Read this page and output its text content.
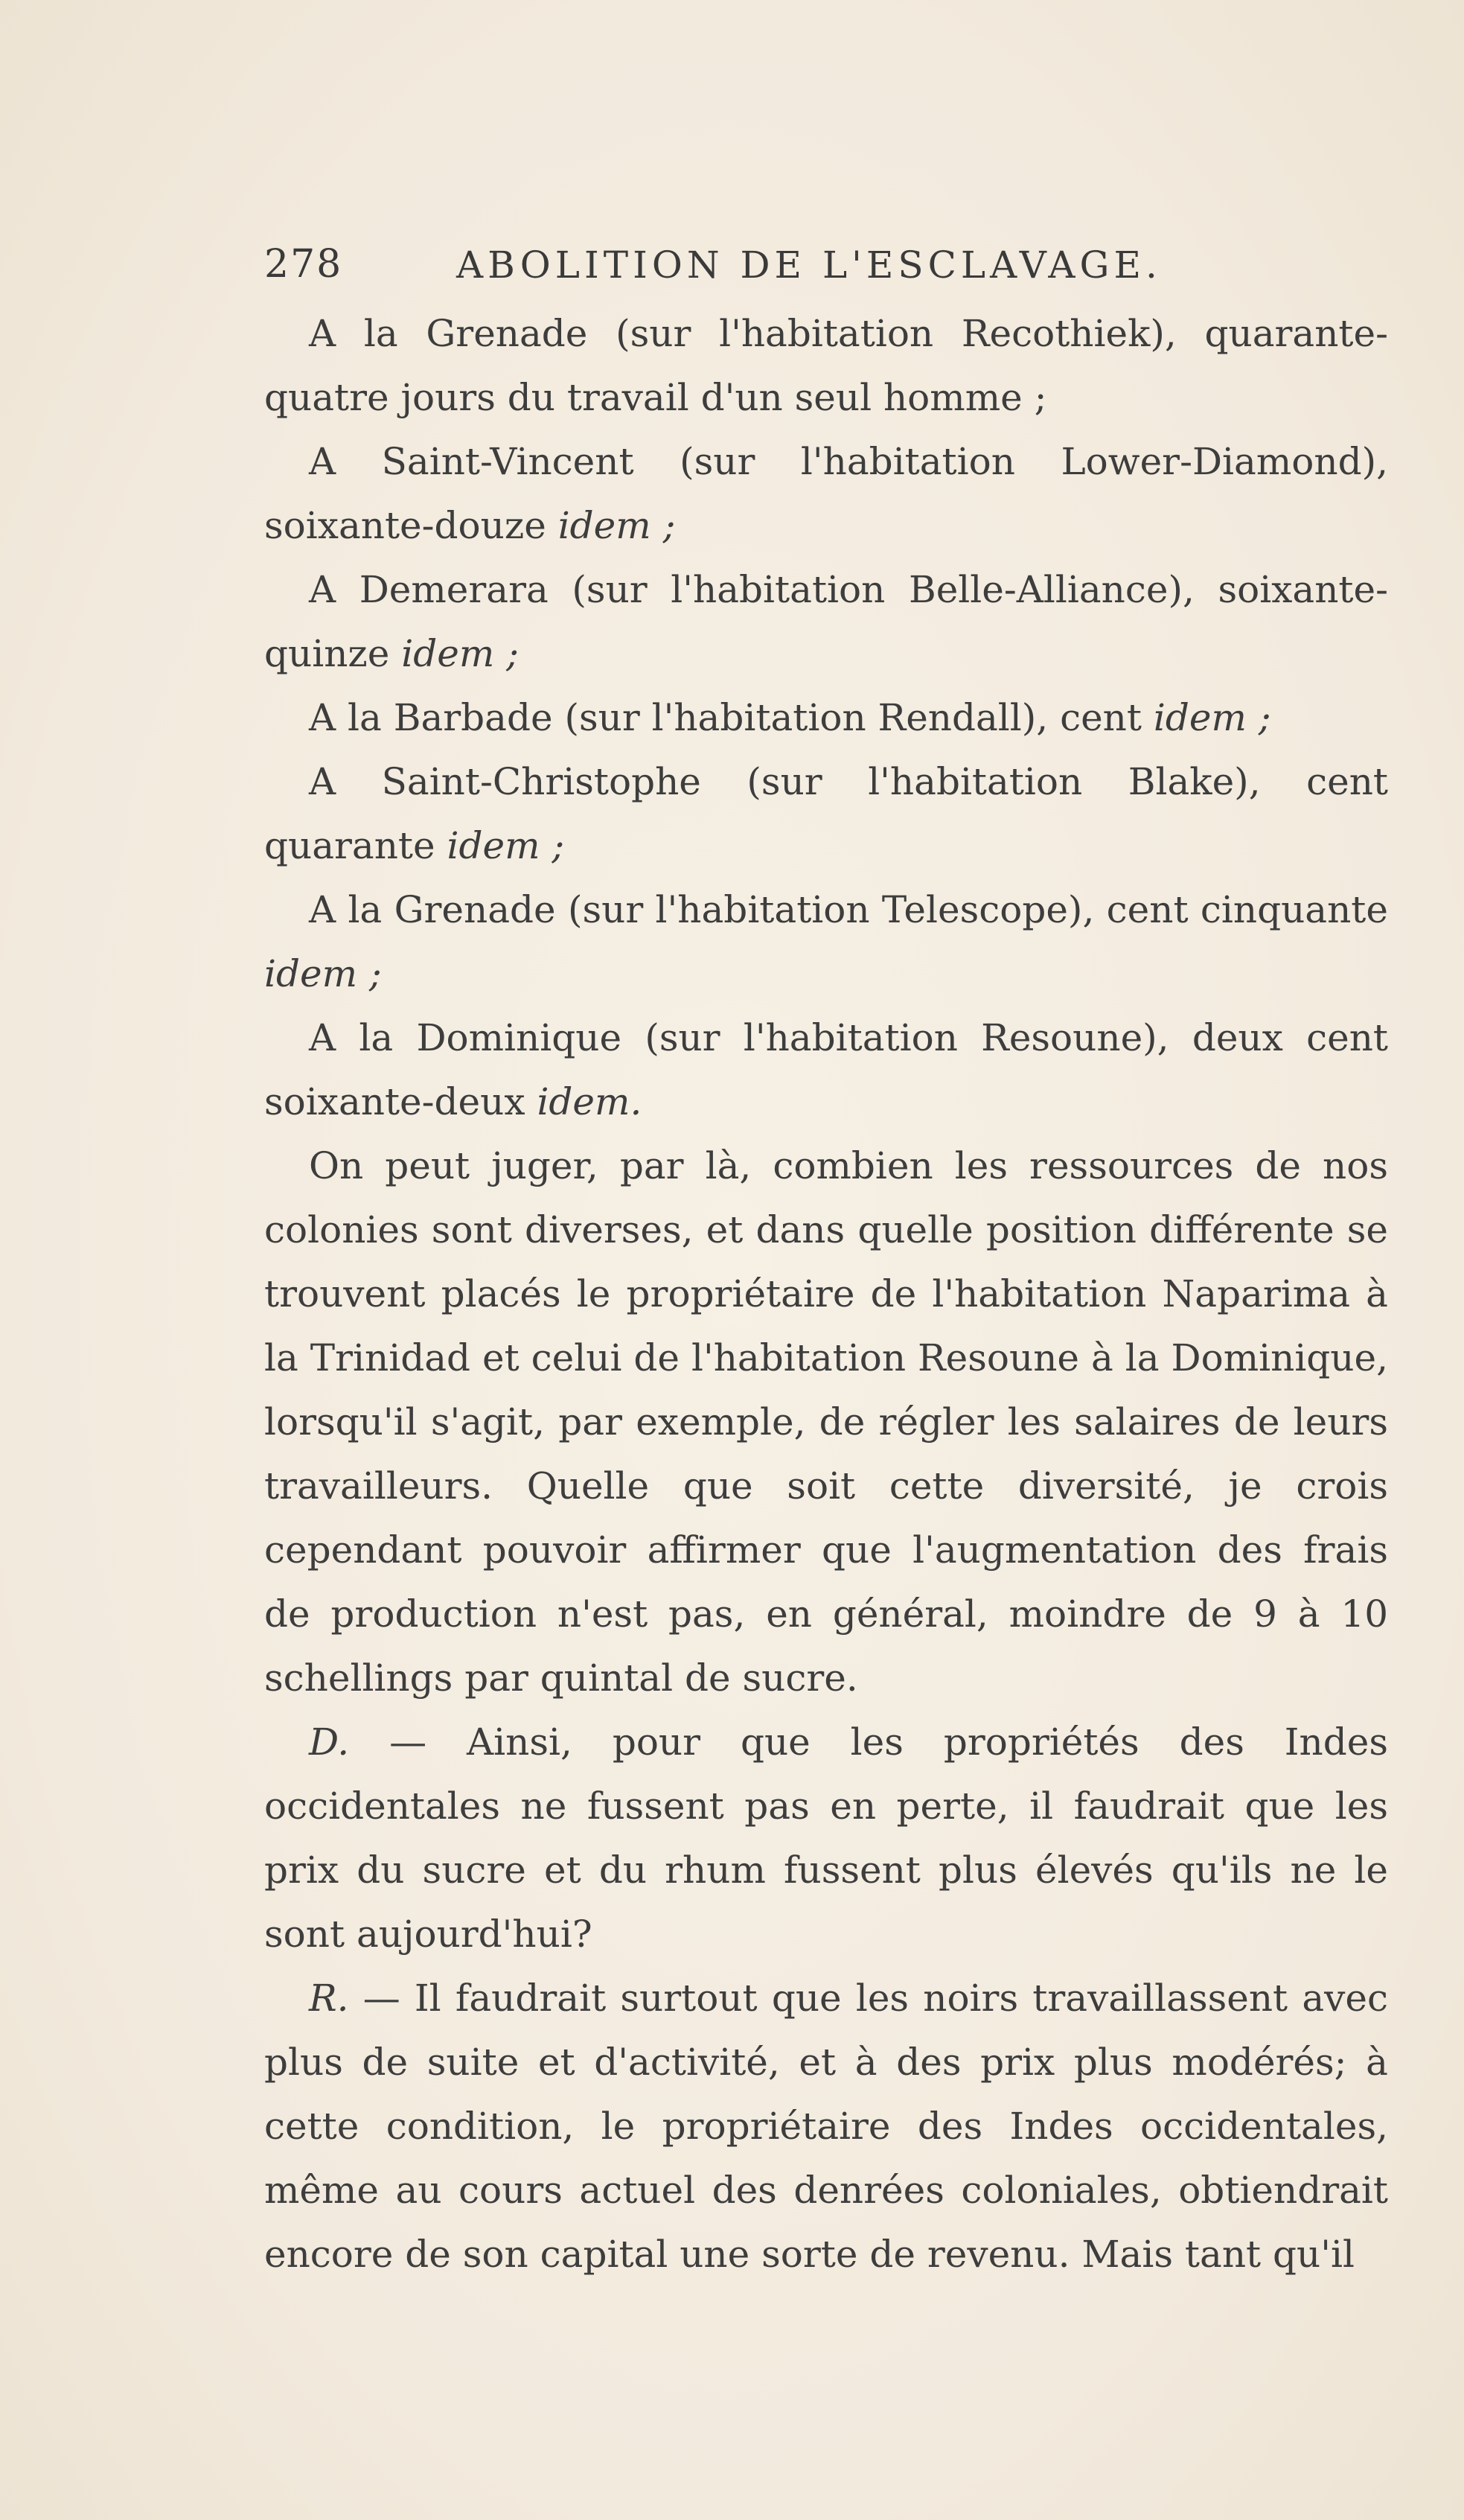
278	ABOLITION DE L'ESCLAVAGE.

A la Grenade (sur l'habitation Recothiek), quarante-quatre jours du travail d'un seul homme ;

A Saint-Vincent (sur l'habitation Lower-Diamond), soixante-douze idem ;

A Demerara (sur l'habitation Belle-Alliance), soixante-quinze idem ;

A la Barbade (sur l'habitation Rendall), cent idem ;

A Saint-Christophe (sur l'habitation Blake), cent quarante idem ;

A la Grenade (sur l'habitation Telescope), cent cinquante idem ;

A la Dominique (sur l'habitation Resoune), deux cent soixante-deux idem.

On peut juger, par là, combien les ressources de nos colonies sont diverses, et dans quelle position différente se trouvent placés le propriétaire de l'habitation Naparima à la Trinidad et celui de l'habitation Resoune à la Dominique, lorsqu'il s'agit, par exemple, de régler les salaires de leurs travailleurs. Quelle que soit cette diversité, je crois cependant pouvoir affirmer que l'augmentation des frais de production n'est pas, en général, moindre de 9 à 10 schellings par quintal de sucre.

D. — Ainsi, pour que les propriétés des Indes occidentales ne fussent pas en perte, il faudrait que les prix du sucre et du rhum fussent plus élevés qu'ils ne le sont aujourd'hui?

R. — Il faudrait surtout que les noirs travaillassent avec plus de suite et d'activité, et à des prix plus modérés; à cette condition, le propriétaire des Indes occidentales, même au cours actuel des denrées coloniales, obtiendrait encore de son capital une sorte de revenu. Mais tant qu'il
